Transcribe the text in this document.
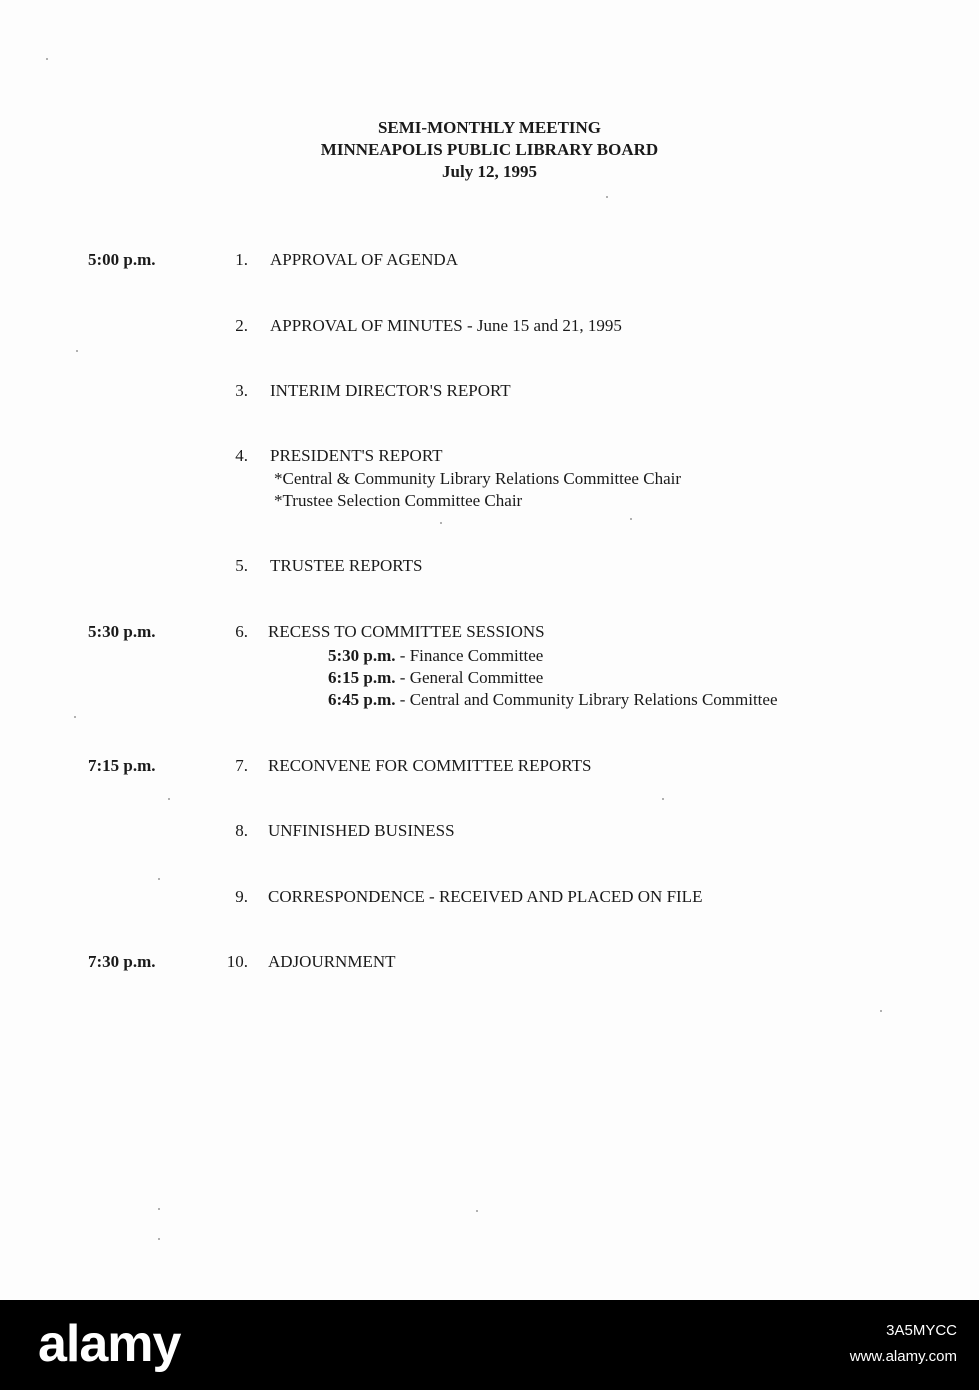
SEMI-MONTHLY MEETING
MINNEAPOLIS PUBLIC LIBRARY BOARD
July 12, 1995
5:00 p.m.	1. APPROVAL OF AGENDA
2. APPROVAL OF MINUTES - June 15 and 21, 1995
3. INTERIM DIRECTOR'S REPORT
4. PRESIDENT'S REPORT
*Central & Community Library Relations Committee Chair
*Trustee Selection Committee Chair
5. TRUSTEE REPORTS
5:30 p.m.	6. RECESS TO COMMITTEE SESSIONS
5:30 p.m. - Finance Committee
6:15 p.m. - General Committee
6:45 p.m. - Central and Community Library Relations Committee
7:15 p.m.	7. RECONVENE FOR COMMITTEE REPORTS
8. UNFINISHED BUSINESS
9. CORRESPONDENCE - RECEIVED AND PLACED ON FILE
7:30 p.m.	10. ADJOURNMENT
alamy	3A5MYCC
www.alamy.com
